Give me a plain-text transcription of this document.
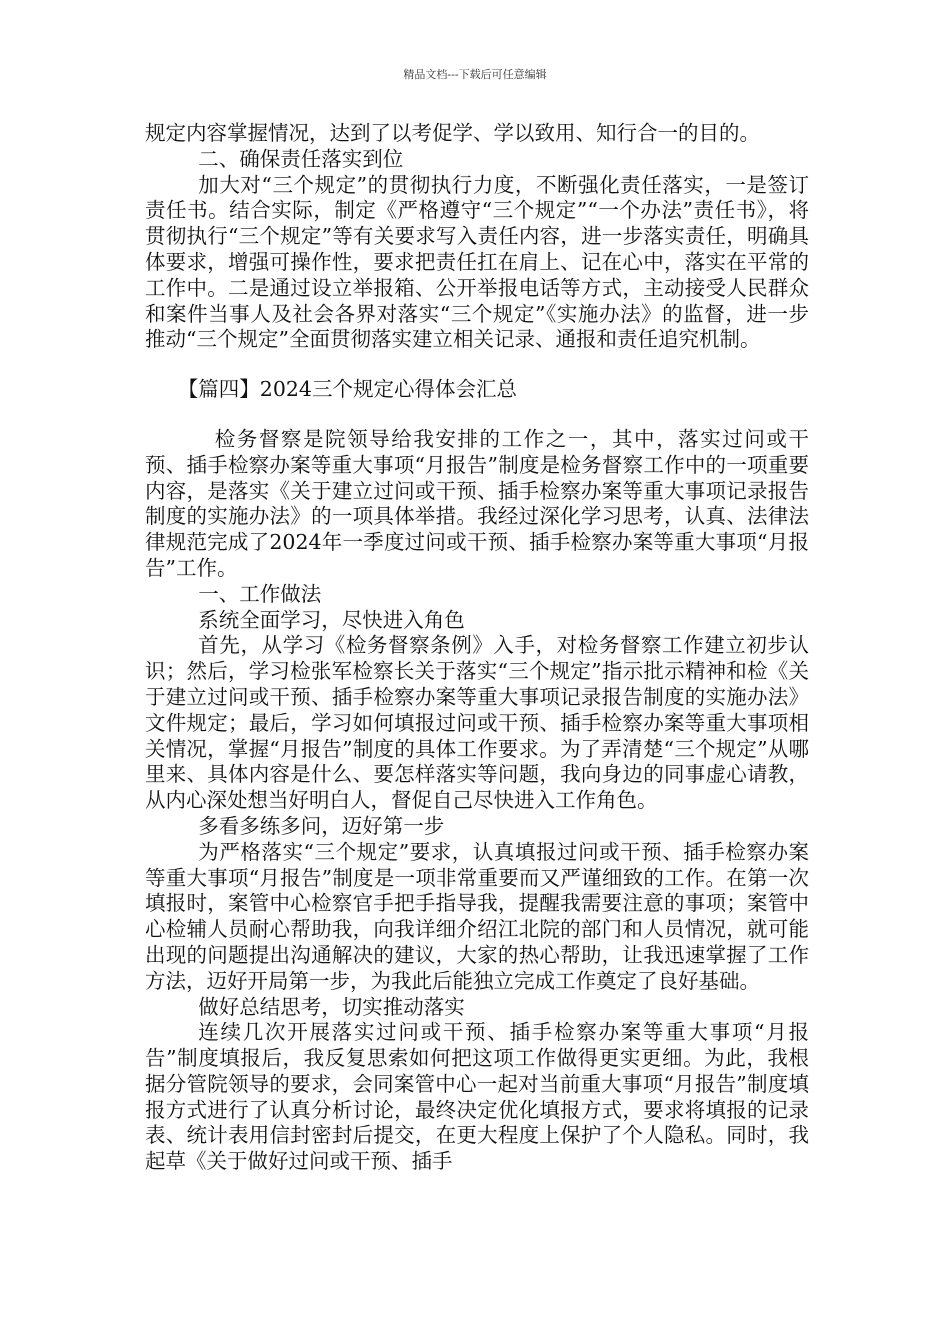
精品文档---下载后可任意编辑

规定内容掌握情况，达到了以考促学、学以致用、知行合一的目的。

二、确保责任落实到位

加大对“三个规定”的贯彻执行力度，不断强化责任落实，一是签订责任书。结合实际，制定《严格遵守“三个规定”“一个办法”责任书》，将贯彻执行“三个规定”等有关要求写入责任内容，进一步落实责任，明确具体要求，增强可操作性，要求把责任扛在肩上、记在心中，落实在平常的工作中。二是通过设立举报箱、公开举报电话等方式，主动接受人民群众和案件当事人及社会各界对落实“三个规定”《实施办法》的监督，进一步推动“三个规定”全面贯彻落实建立相关记录、通报和责任追究机制。

【篇四】2024三个规定心得体会汇总

检务督察是院领导给我安排的工作之一，其中，落实过问或干预、插手检察办案等重大事项“月报告”制度是检务督察工作中的一项重要内容，是落实《关于建立过问或干预、插手检察办案等重大事项记录报告制度的实施办法》的一项具体举措。我经过深化学习思考，认真、法律法律规范完成了2024年一季度过问或干预、插手检察办案等重大事项“月报告”工作。

一、工作做法

系统全面学习，尽快进入角色

首先，从学习《检务督察条例》入手，对检务督察工作建立初步认识；然后，学习检张军检察长关于落实“三个规定”指示批示精神和检《关于建立过问或干预、插手检察办案等重大事项记录报告制度的实施办法》文件规定；最后，学习如何填报过问或干预、插手检察办案等重大事项相关情况，掌握“月报告”制度的具体工作要求。为了弄清楚“三个规定”从哪里来、具体内容是什么、要怎样落实等问题，我向身边的同事虚心请教，从内心深处想当好明白人，督促自己尽快进入工作角色。

多看多练多问，迈好第一步

为严格落实“三个规定”要求，认真填报过问或干预、插手检察办案等重大事项“月报告”制度是一项非常重要而又严谨细致的工作。在第一次填报时，案管中心检察官手把手指导我，提醒我需要注意的事项；案管中心检辅人员耐心帮助我，向我详细介绍江北院的部门和人员情况，就可能出现的问题提出沟通解决的建议，大家的热心帮助，让我迅速掌握了工作方法，迈好开局第一步，为我此后能独立完成工作奠定了良好基础。

做好总结思考，切实推动落实

连续几次开展落实过问或干预、插手检察办案等重大事项“月报告”制度填报后，我反复思索如何把这项工作做得更实更细。为此，我根据分管院领导的要求，会同案管中心一起对当前重大事项“月报告”制度填报方式进行了认真分析讨论，最终决定优化填报方式，要求将填报的记录表、统计表用信封密封后提交，在更大程度上保护了个人隐私。同时，我起草《关于做好过问或干预、插手
